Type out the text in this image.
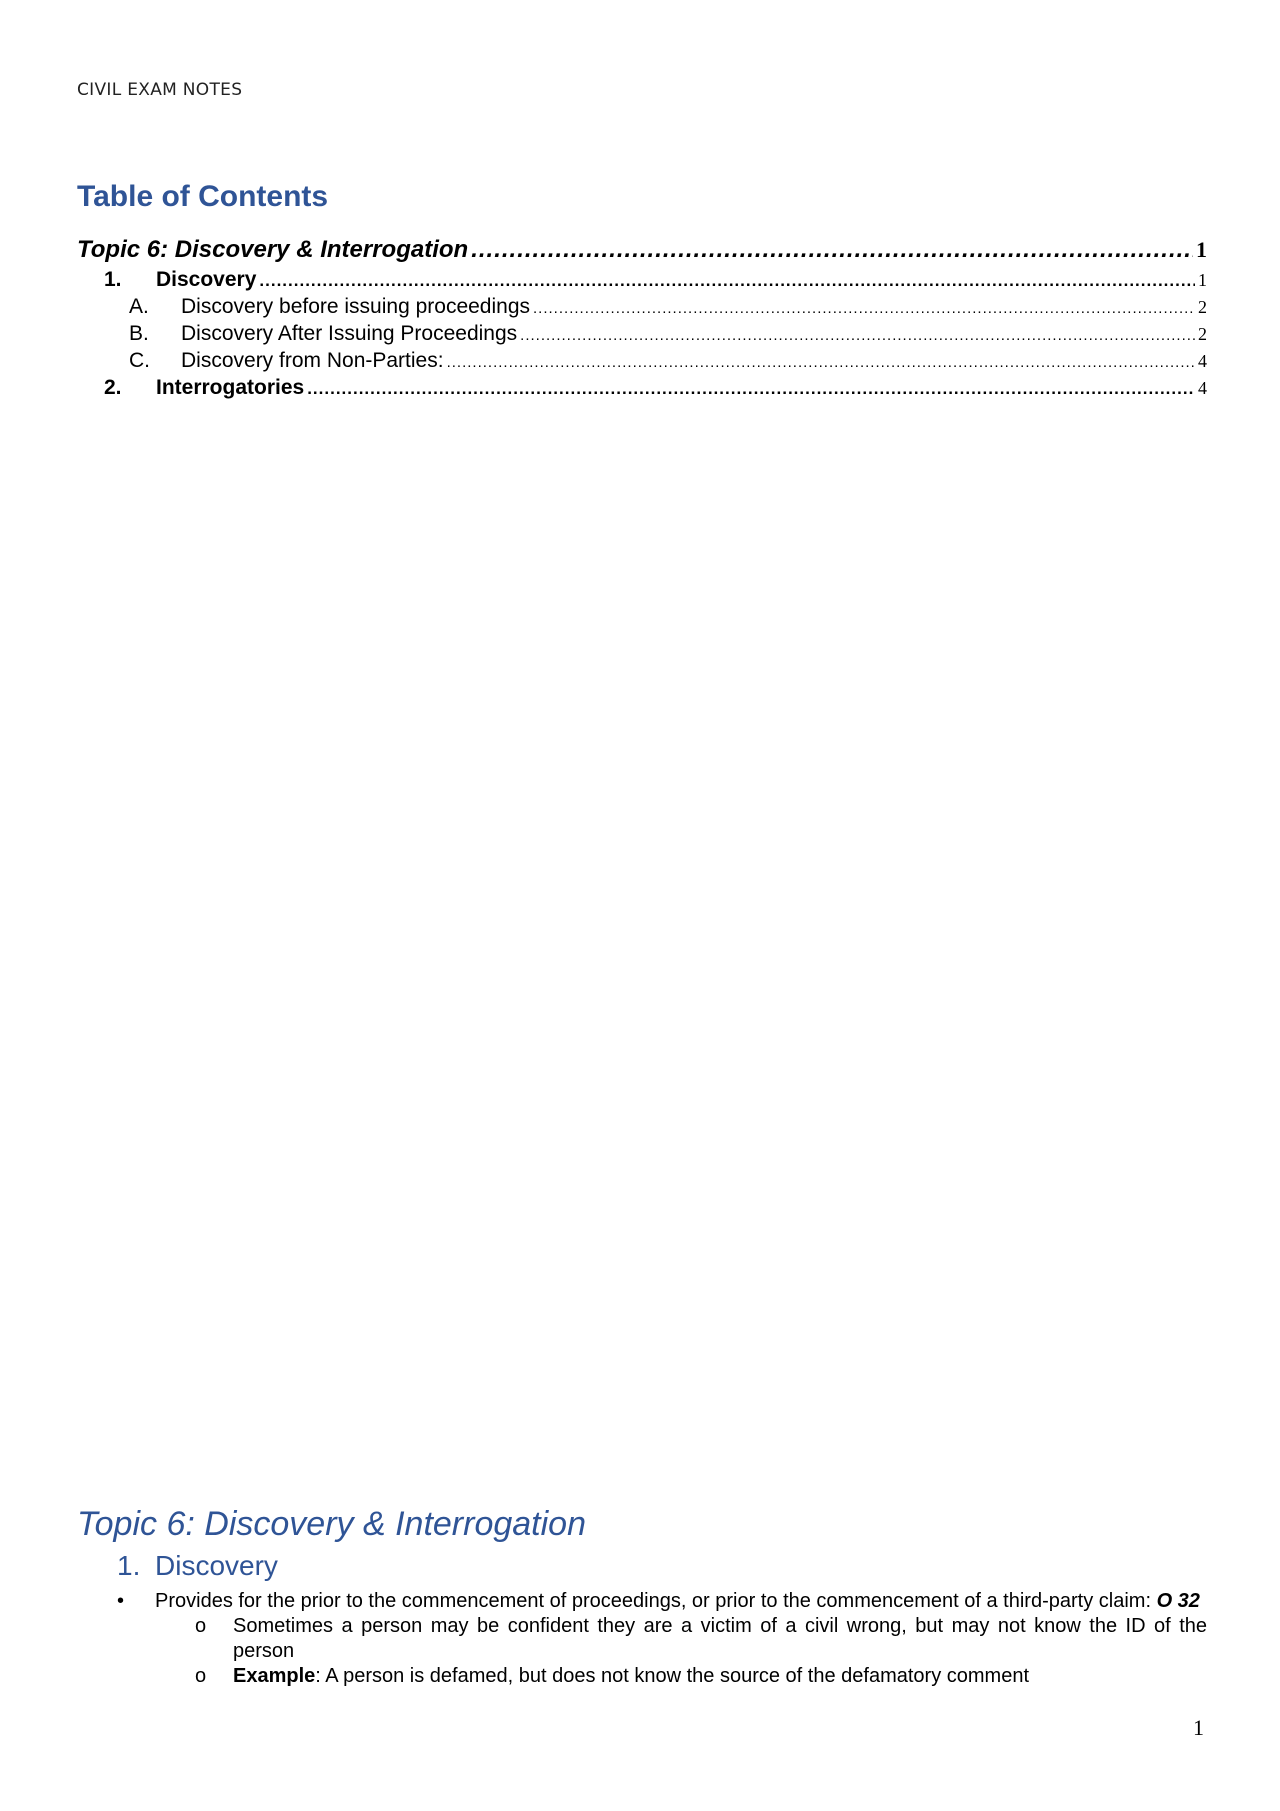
CIVIL EXAM NOTES
Table of Contents
Topic 6: Discovery & Interrogation .....	1
1.	Discovery .....	1
A.	Discovery before issuing proceedings .....	2
B.	Discovery After Issuing Proceedings .....	2
C.	Discovery from Non-Parties: .....	4
2.	Interrogatories .....	4
Topic 6: Discovery & Interrogation
1. Discovery
• Provides for the prior to the commencement of proceedings, or prior to the commencement of a third-party claim: O 32
o Sometimes a person may be confident they are a victim of a civil wrong, but may not know the ID of the person
o Example: A person is defamed, but does not know the source of the defamatory comment
1
